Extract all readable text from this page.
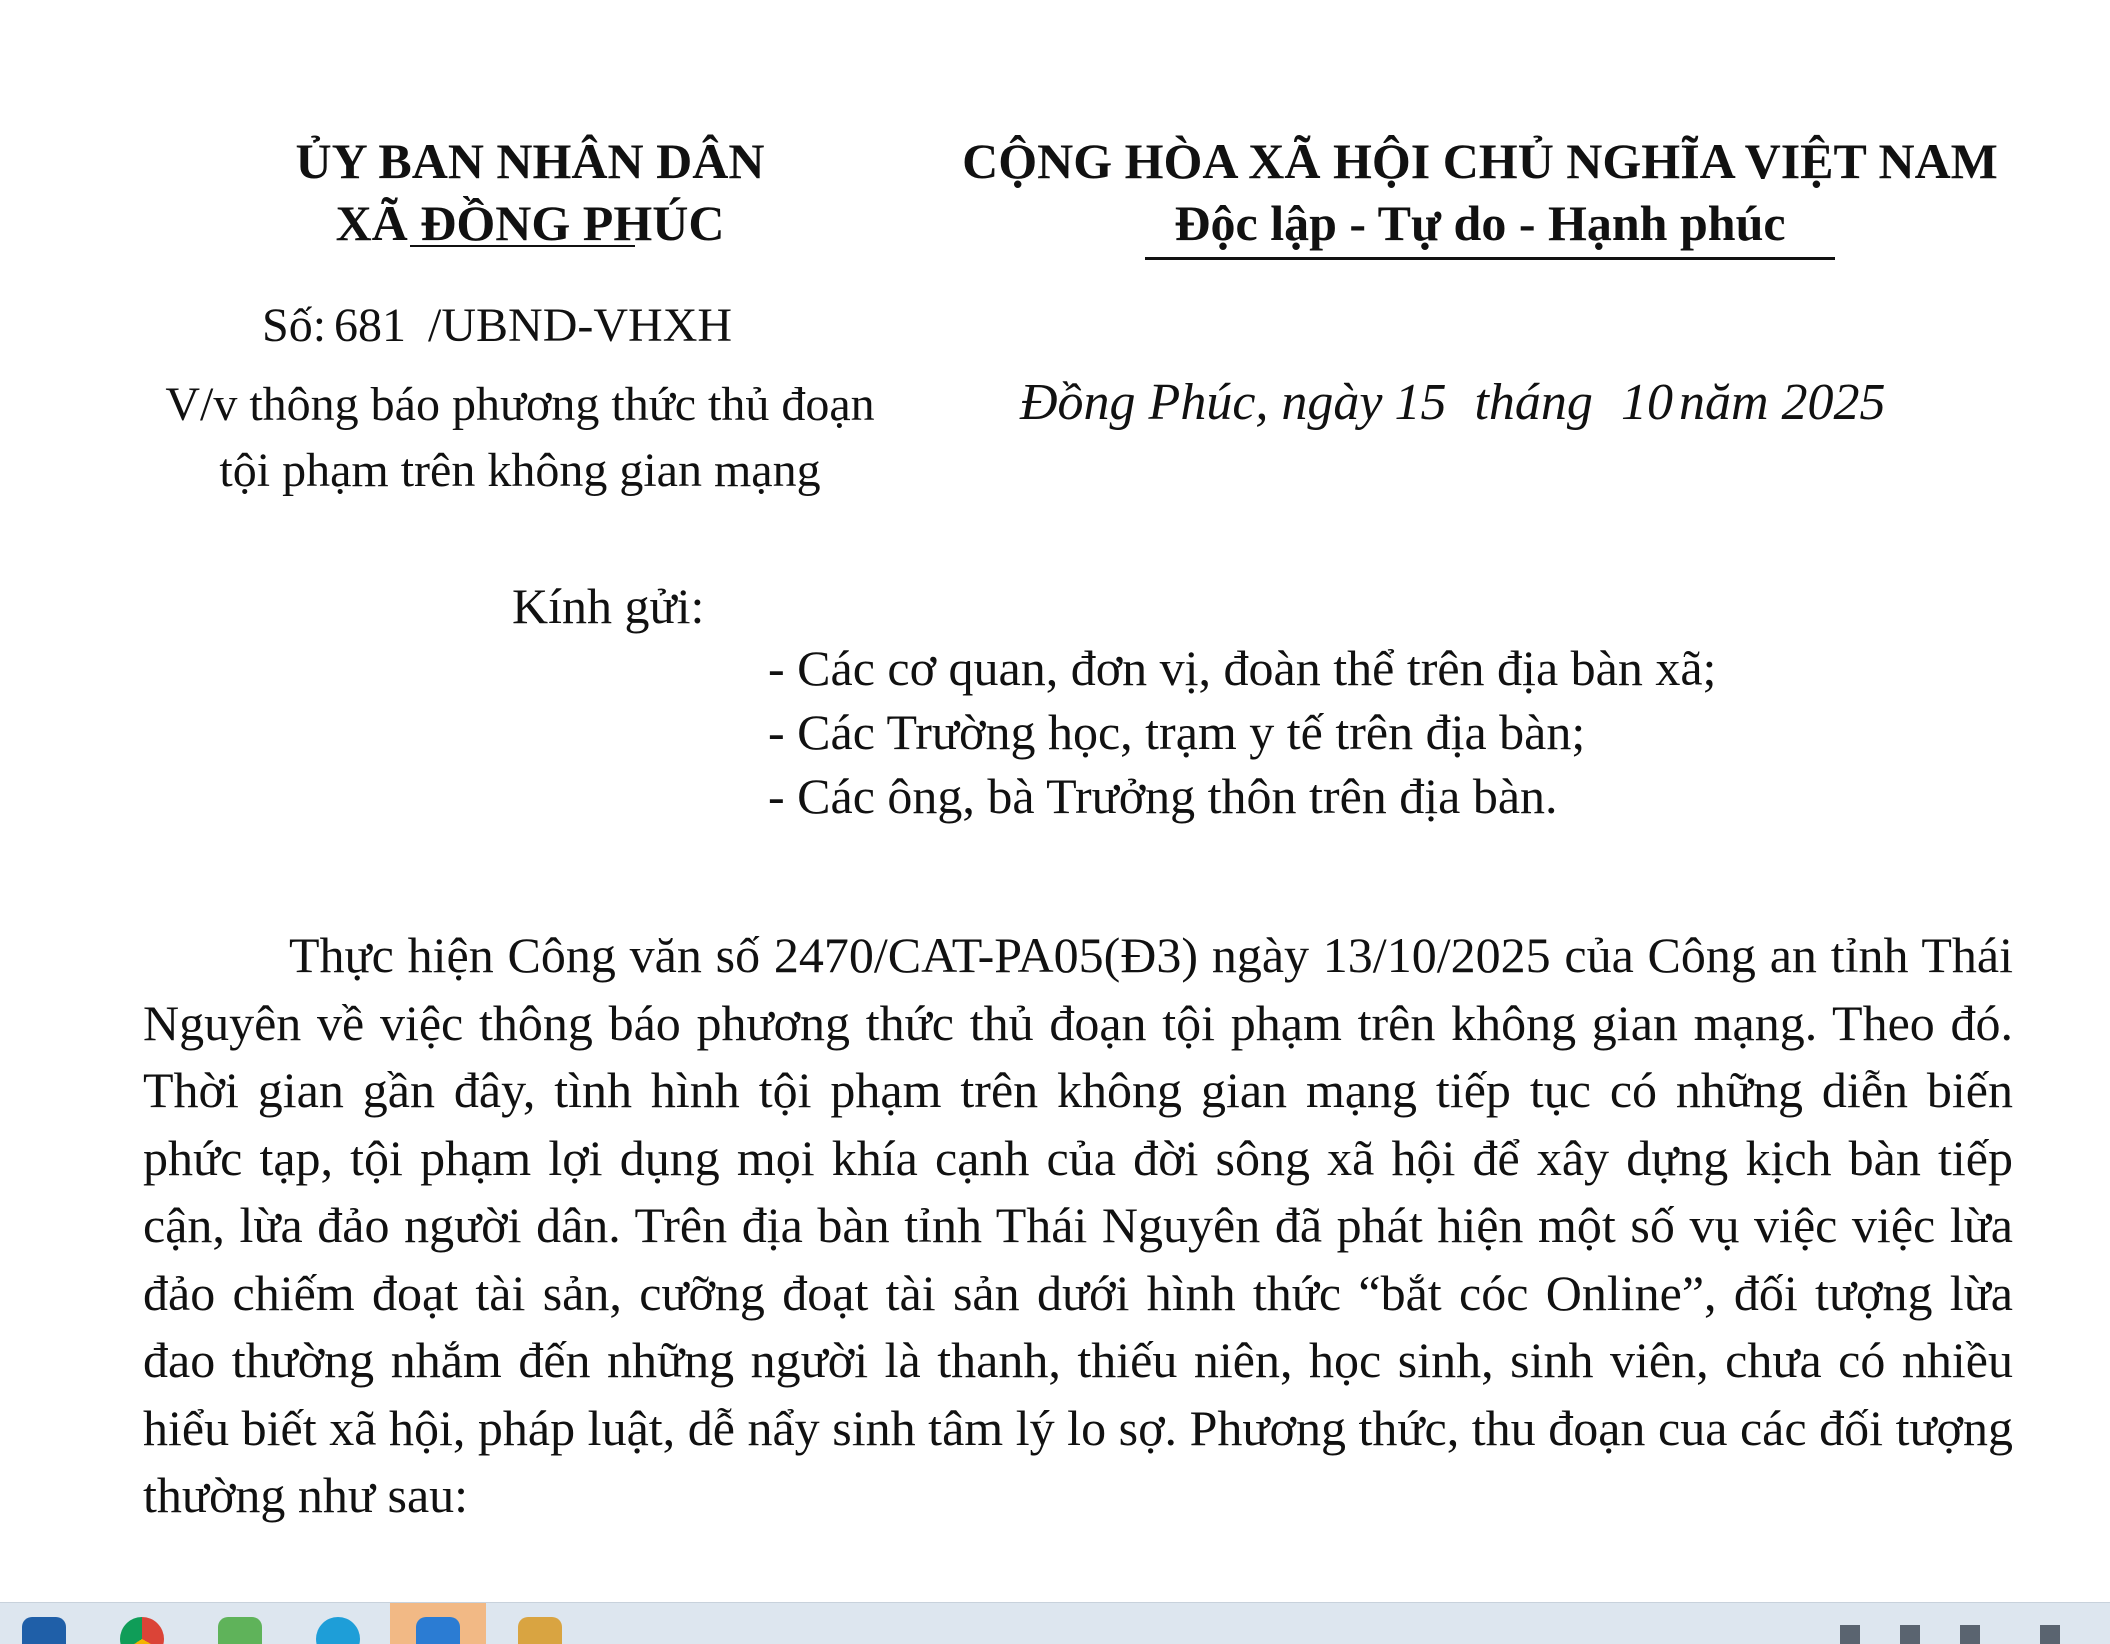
ỦY BAN NHÂN DÂN
XÃ ĐỒNG PHÚC
CỘNG HÒA XÃ HỘI CHỦ NGHĨA VIỆT NAM
Độc lập - Tự do - Hạnh phúc
Số: 681 /UBND-VHXH
V/v thông báo phương thức thủ đoạn
tội phạm trên không gian mạng
Đồng Phúc, ngày 15 tháng 10 năm 2025
Kính gửi:
- Các cơ quan, đơn vị, đoàn thể trên địa bàn xã;
- Các Trường học, trạm y tế trên địa bàn;
- Các ông, bà Trưởng thôn trên địa bàn.

Thực hiện Công văn số 2470/CAT-PA05(Đ3) ngày 13/10/2025 của Công an tỉnh Thái Nguyên về việc thông báo phương thức thủ đoạn tội phạm trên không gian mạng. Theo đó. Thời gian gần đây, tình hình tội phạm trên không gian mạng tiếp tục có những diễn biến phức tạp, tội phạm lợi dụng mọi khía cạnh của đời sông xã hội để xây dựng kịch bàn tiếp cận, lừa đảo người dân. Trên địa bàn tỉnh Thái Nguyên đã phát hiện một số vụ việc việc lừa đảo chiếm đoạt tài sản, cưỡng đoạt tài sản dưới hình thức “bắt cóc Online”, đối tượng lừa đao thường nhắm đến những người là thanh, thiếu niên, học sinh, sinh viên, chưa có nhiều hiểu biết xã hội, pháp luật, dễ nẩy sinh tâm lý lo sợ. Phương thức, thu đoạn cua các đối tượng thường như sau:
